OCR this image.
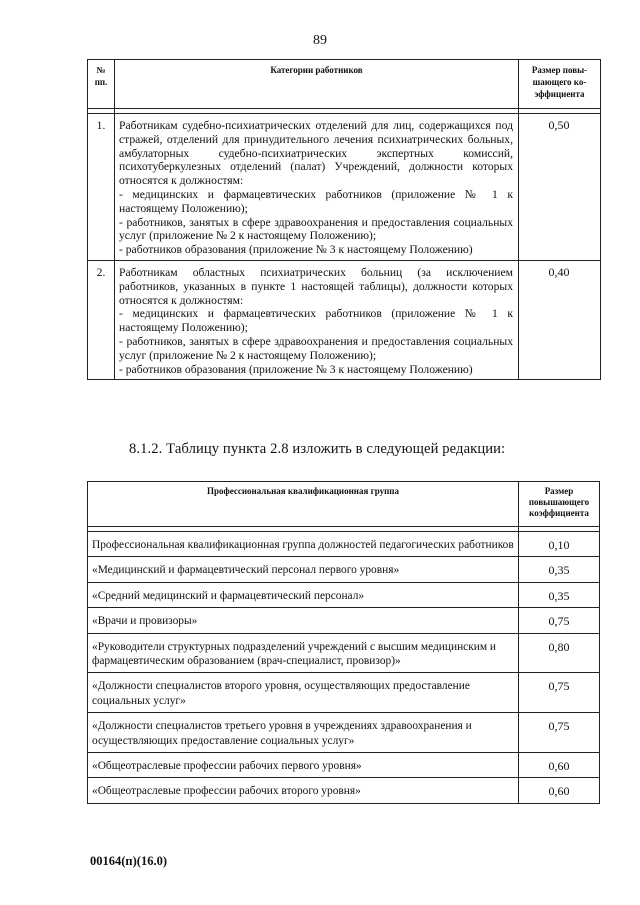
89
№ пп.	Категории работников	Размер повы-шающего ко-эффициента

1.	Работникам судебно-психиатрических отделений для лиц, содержащихся под стражей, отделений для принудительного лечения психиатрических больных, амбулаторных судебно-психиатрических экспертных комиссий, психотуберкулезных отделений (палат) Учреждений, должности которых относятся к должностям:
- медицинских и фармацевтических работников (приложение № 1 к настоящему Положению);
- работников, занятых в сфере здравоохранения и предоставления социальных услуг (приложение № 2 к настоящему Положению);
- работников образования (приложение № 3 к настоящему Положению)	0,50
2.	Работникам областных психиатрических больниц (за исключением работников, указанных в пункте 1 настоящей таблицы), должности которых относятся к должностям:
- медицинских и фармацевтических работников (приложение № 1 к настоящему Положению);
- работников, занятых в сфере здравоохранения и предоставления социальных услуг (приложение № 2 к настоящему Положению);
- работников образования (приложение № 3 к настоящему Положению)	0,40
8.1.2. Таблицу пункта 2.8 изложить в следующей редакции:
Профессиональная квалификационная группа	Размер повышающего коэффициента

Профессиональная квалификационная группа должностей педагогических работников	0,10
«Медицинский и фармацевтический персонал первого уровня»	0,35
«Средний медицинский и фармацевтический персонал»	0,35
«Врачи и провизоры»	0,75
«Руководители структурных подразделений учреждений с высшим медицинским и фармацевтическим образованием (врач-специалист, провизор)»	0,80
«Должности специалистов второго уровня, осуществляющих предоставление социальных услуг»	0,75
«Должности специалистов третьего уровня в учреждениях здравоохранения и осуществляющих предоставление социальных услуг»	0,75
«Общеотраслевые профессии рабочих первого уровня»	0,60
«Общеотраслевые профессии рабочих второго уровня»	0,60
00164(п)(16.0)
